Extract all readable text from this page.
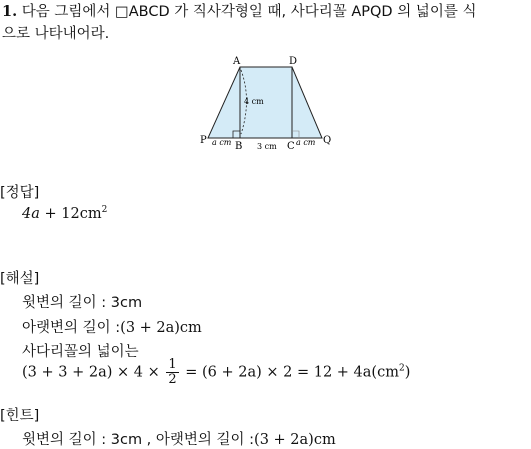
1. 다음 그림에서 □ABCD 가 직사각형일 때, 사다리꼴 APQD 의 넓이를 식
으로 나타내어라.
A	D
P
B	C
Q
4 cm
a cm	3 cm a cm
[정답]
$4a + 12cm^2$
[해설]
윗변의 길이 : 3cm
아랫변의 길이 :(3 + 2a)cm
사다리꼴의 넓이는
$(3 + 3 + 2a) \times 4 \times \frac{1}{2} = (6 + 2a) \times 2 = 12 + 4a(cm^2)$
[힌트]
윗변의 길이 : 3cm , 아랫변의 길이 :(3 + 2a)cm
